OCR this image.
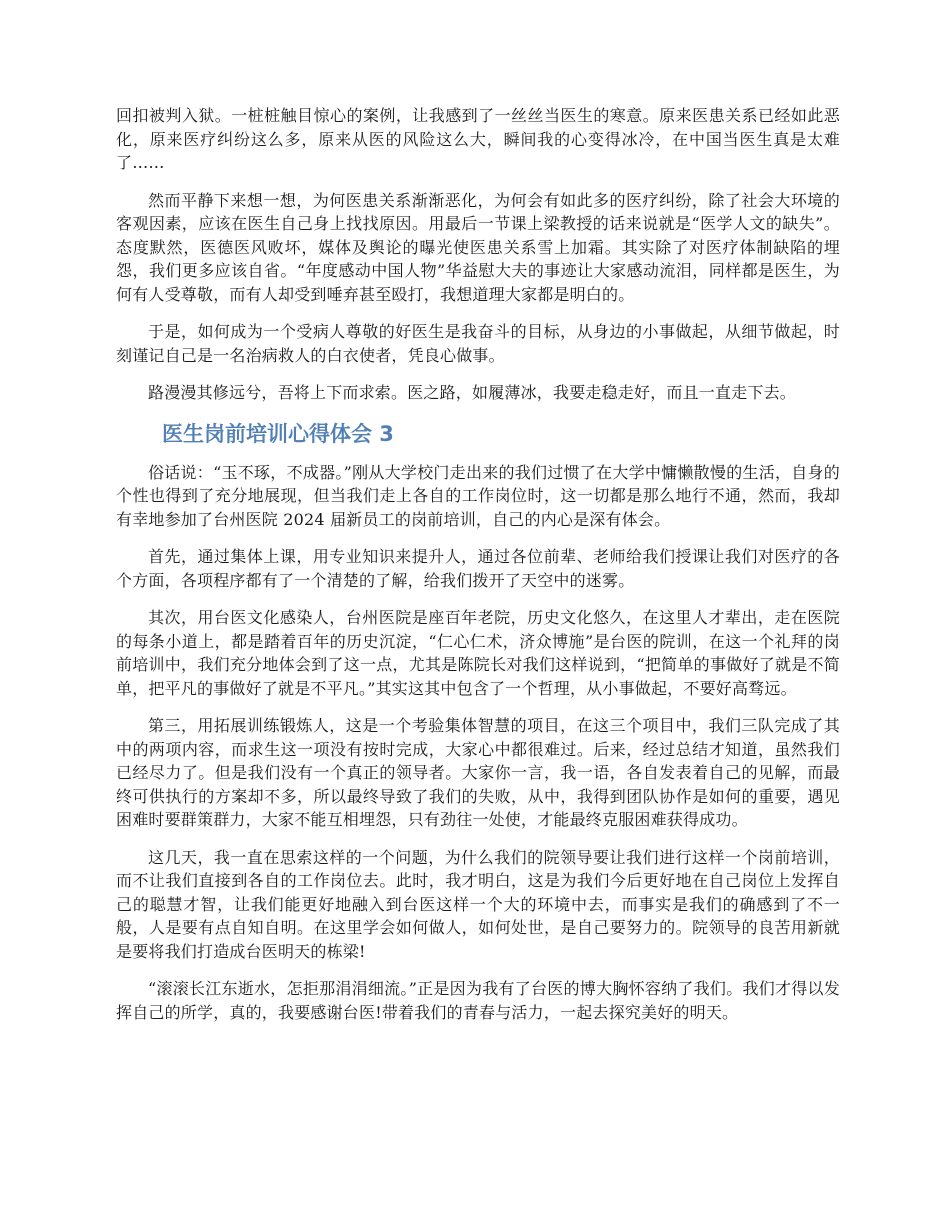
回扣被判入狱。一桩桩触目惊心的案例，让我感到了一丝丝当医生的寒意。原来医患关系已经如此恶化，原来医疗纠纷这么多，原来从医的风险这么大，瞬间我的心变得冰冷，在中国当医生真是太难了……

然而平静下来想一想，为何医患关系渐渐恶化，为何会有如此多的医疗纠纷，除了社会大环境的客观因素，应该在医生自己身上找找原因。用最后一节课上梁教授的话来说就是“医学人文的缺失”。态度默然，医德医风败坏，媒体及舆论的曝光使医患关系雪上加霜。其实除了对医疗体制缺陷的埋怨，我们更多应该自省。“年度感动中国人物”华益慰大夫的事迹让大家感动流泪，同样都是医生，为何有人受尊敬，而有人却受到唾弃甚至殴打，我想道理大家都是明白的。

于是，如何成为一个受病人尊敬的好医生是我奋斗的目标，从身边的小事做起，从细节做起，时刻谨记自己是一名治病救人的白衣使者，凭良心做事。

路漫漫其修远兮，吾将上下而求索。医之路，如履薄冰，我要走稳走好，而且一直走下去。

医生岗前培训心得体会 3

俗话说：“玉不琢，不成器。”刚从大学校门走出来的我们过惯了在大学中慵懒散慢的生活，自身的个性也得到了充分地展现，但当我们走上各自的工作岗位时，这一切都是那么地行不通，然而，我却有幸地参加了台州医院 2024 届新员工的岗前培训，自己的内心是深有体会。

首先，通过集体上课，用专业知识来提升人，通过各位前辈、老师给我们授课让我们对医疗的各个方面，各项程序都有了一个清楚的了解，给我们拨开了天空中的迷雾。

其次，用台医文化感染人，台州医院是座百年老院，历史文化悠久，在这里人才辈出，走在医院的每条小道上，都是踏着百年的历史沉淀，“仁心仁术，济众博施”是台医的院训，在这一个礼拜的岗前培训中，我们充分地体会到了这一点，尤其是陈院长对我们这样说到，“把简单的事做好了就是不简单，把平凡的事做好了就是不平凡。”其实这其中包含了一个哲理，从小事做起，不要好高骛远。

第三，用拓展训练锻炼人，这是一个考验集体智慧的项目，在这三个项目中，我们三队完成了其中的两项内容，而求生这一项没有按时完成，大家心中都很难过。后来，经过总结才知道，虽然我们已经尽力了。但是我们没有一个真正的领导者。大家你一言，我一语，各自发表着自己的见解，而最终可供执行的方案却不多，所以最终导致了我们的失败，从中，我得到团队协作是如何的重要，遇见困难时要群策群力，大家不能互相埋怨，只有劲往一处使，才能最终克服困难获得成功。

这几天，我一直在思索这样的一个问题，为什么我们的院领导要让我们进行这样一个岗前培训，而不让我们直接到各自的工作岗位去。此时，我才明白，这是为我们今后更好地在自己岗位上发挥自己的聪慧才智，让我们能更好地融入到台医这样一个大的环境中去，而事实是我们的确感到了不一般，人是要有点自知自明。在这里学会如何做人，如何处世，是自己要努力的。院领导的良苦用新就是要将我们打造成台医明天的栋梁!

“滚滚长江东逝水，怎拒那涓涓细流。”正是因为我有了台医的博大胸怀容纳了我们。我们才得以发挥自己的所学，真的，我要感谢台医!带着我们的青春与活力，一起去探究美好的明天。
